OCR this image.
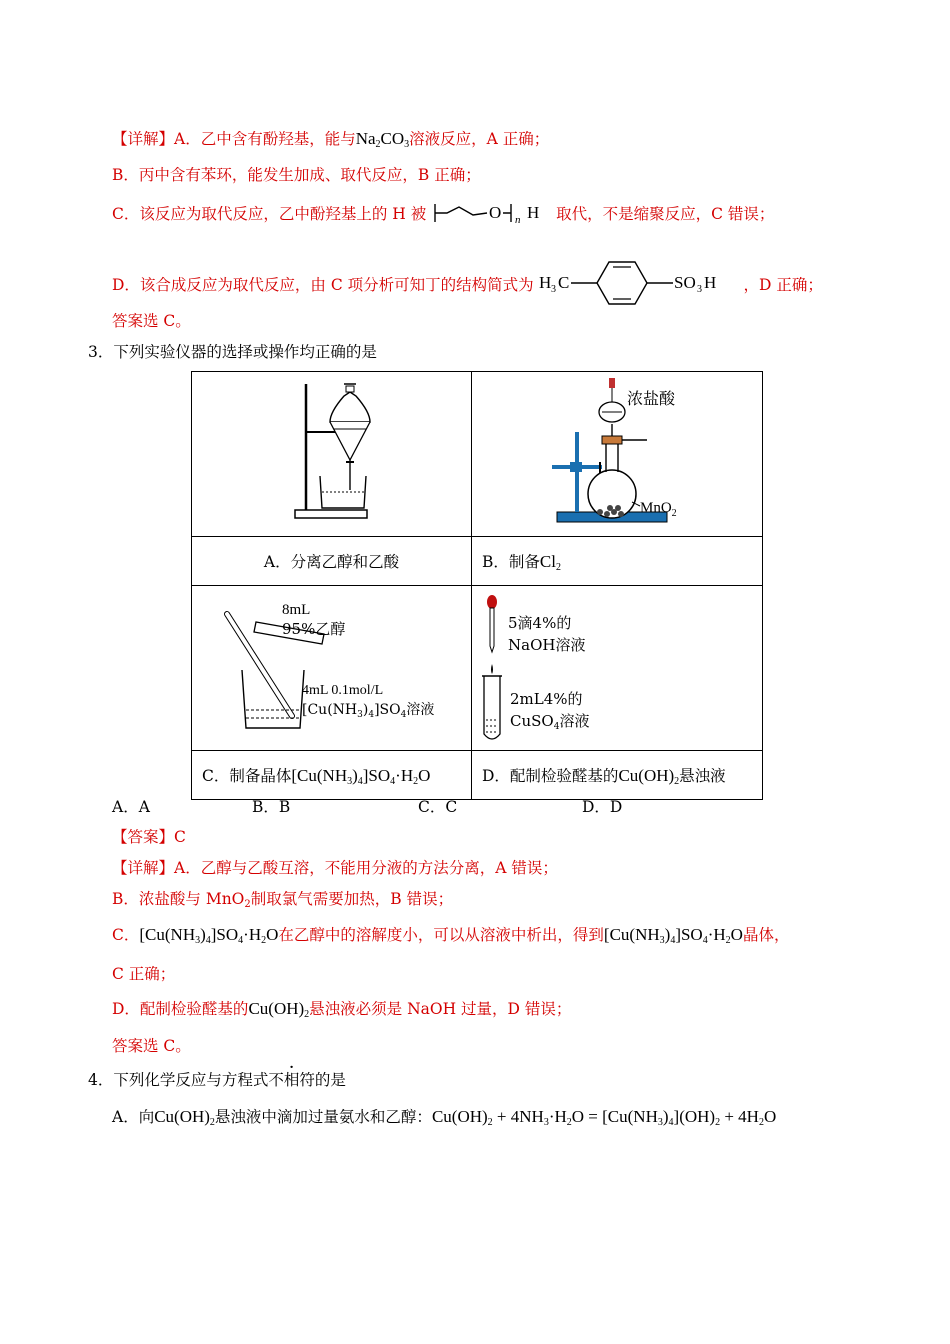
【详解】A．乙中含有酚羟基，能与$Na_2CO_3$溶液反应，A 正确；
B．丙中含有苯环，能发生加成、取代反应，B 正确；
C．该反应为取代反应，乙中酚羟基上的 H 被	O n H 取代，不是缩聚反应，C 错误；
D．该合成反应为取代反应，由 C 项分析可知丁的结构简式为 H 3 C	SO 3 H ，D 正确；
答案选 C。
3．下列实验仪器的选择或操作均正确的是

浓盐酸
MnO$_2$

A．分离乙醇和乙酸	B．制备$Cl_2$

8mL
95%乙醇
4mL 0.1mol/L
$[Cu(NH_3)_4]SO_4$溶液	5滴4%的
NaOH溶液
2mL4%的
CuSO$_4$溶液

C．制备晶体$[Cu(NH_3)_4]SO_4\cdot H_2O$	D．配制检验醛基的$Cu(OH)_2$悬浊液
A．A	B．B	C．C	D．D
【答案】C
【详解】A．乙醇与乙酸互溶，不能用分液的方法分离，A 错误；
B．浓盐酸与 MnO$_2$制取氯气需要加热，B 错误；
C．$[Cu(NH_3)_4]SO_4\cdot H_2O$在乙醇中的溶解度小，可以从溶液中析出，得到$[Cu(NH_3)_4]SO_4\cdot H_2O$晶体，
C 正确；
D．配制检验醛基的$Cu(OH)_2$悬浊液必须是 NaOH 过量，D 错误；
答案选 C。
4．下列化学反应与方程式不相符的是
A．向$Cu(OH)_2$悬浊液中滴加过量氨水和乙醇：$Cu(OH)_2 + 4NH_3\cdot H_2O = [Cu(NH_3)_4](OH)_2 + 4H_2O$
